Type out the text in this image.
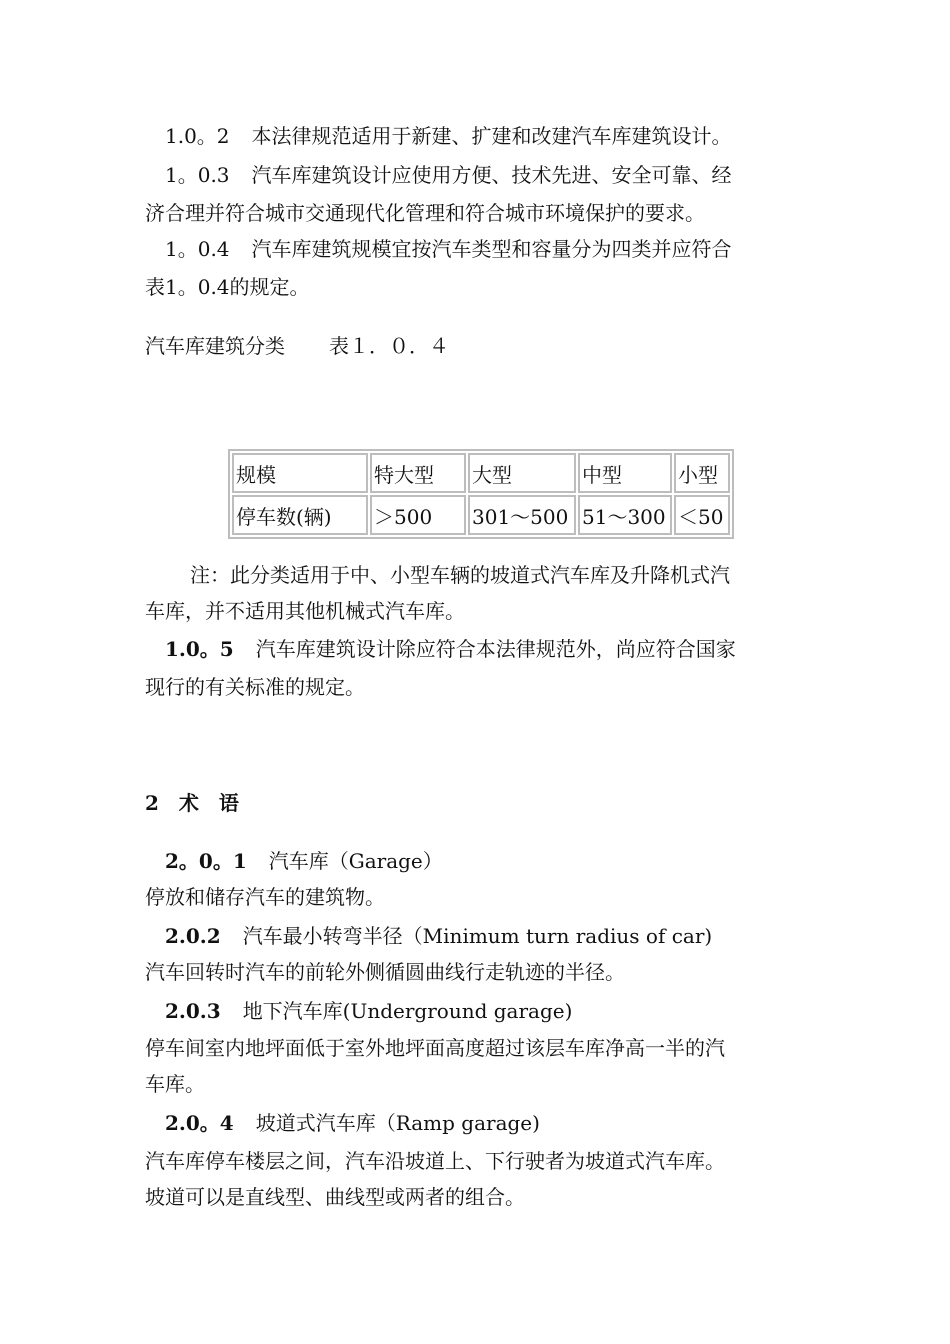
1.0。2 本法律规范适用于新建、扩建和改建汽车库建筑设计。
1。0.3 汽车库建筑设计应使用方便、技术先进、安全可靠、经
济合理并符合城市交通现代化管理和符合城市环境保护的要求。
1。0.4 汽车库建筑规模宜按汽车类型和容量分为四类并应符合
表1。0.4的规定。
汽车库建筑分类 表１．０．４
规模	特大型	大型	中型	小型
停车数(辆)	＞500	301～500	51～300	＜50
注：此分类适用于中、小型车辆的坡道式汽车库及升降机式汽
车库，并不适用其他机械式汽车库。
1.0。5 汽车库建筑设计除应符合本法律规范外，尚应符合国家
现行的有关标准的规定。
2　术　语
2。0。1 汽车库（Garage）
停放和储存汽车的建筑物。
2.0.2 汽车最小转弯半径（Minimum turn radius of car)
汽车回转时汽车的前轮外侧循圆曲线行走轨迹的半径。
2.0.3 地下汽车库(Underground garage)
停车间室内地坪面低于室外地坪面高度超过该层车库净高一半的汽
车库。
2.0。4 坡道式汽车库（Ramp garage)
汽车库停车楼层之间，汽车沿坡道上、下行驶者为坡道式汽车库。
坡道可以是直线型、曲线型或两者的组合。
